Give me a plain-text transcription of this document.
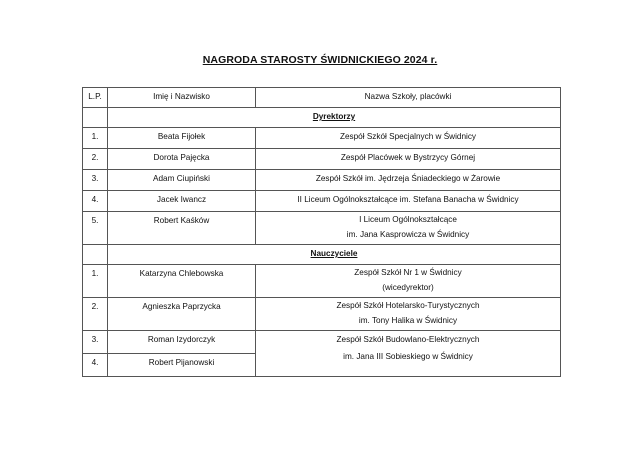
NAGRODA STAROSTY ŚWIDNICKIEGO 2024 r.
L.P.	Imię i Nazwisko	Nazwa Szkoły, placówki
	Dyrektorzy	
1.	Beata Fijołek	Zespół Szkół Specjalnych w Świdnicy
2.	Dorota Pajęcka	Zespół Placówek w Bystrzycy Górnej
3.	Adam Ciupiński	Zespół Szkół im. Jędrzeja Śniadeckiego w Żarowie
4.	Jacek Iwancz	II Liceum Ogólnokształcące im. Stefana Banacha w Świdnicy
5.	Robert Kaśków	I Liceum Ogólnokształcące
im. Jana Kasprowicza w Świdnicy

	Nauczyciele	
1.	Katarzyna Chlebowska	Zespół Szkół Nr 1 w Świdnicy
(wicedyrektor)

2.	Agnieszka Paprzycka	Zespół Szkół Hotelarsko-Turystycznych
im. Tony Halika w Świdnicy

3.	Roman Izydorczyk	Zespół Szkół Budowlano-Elektrycznych
im. Jana III Sobieskiego w Świdnicy

4.	Robert Pijanowski	
